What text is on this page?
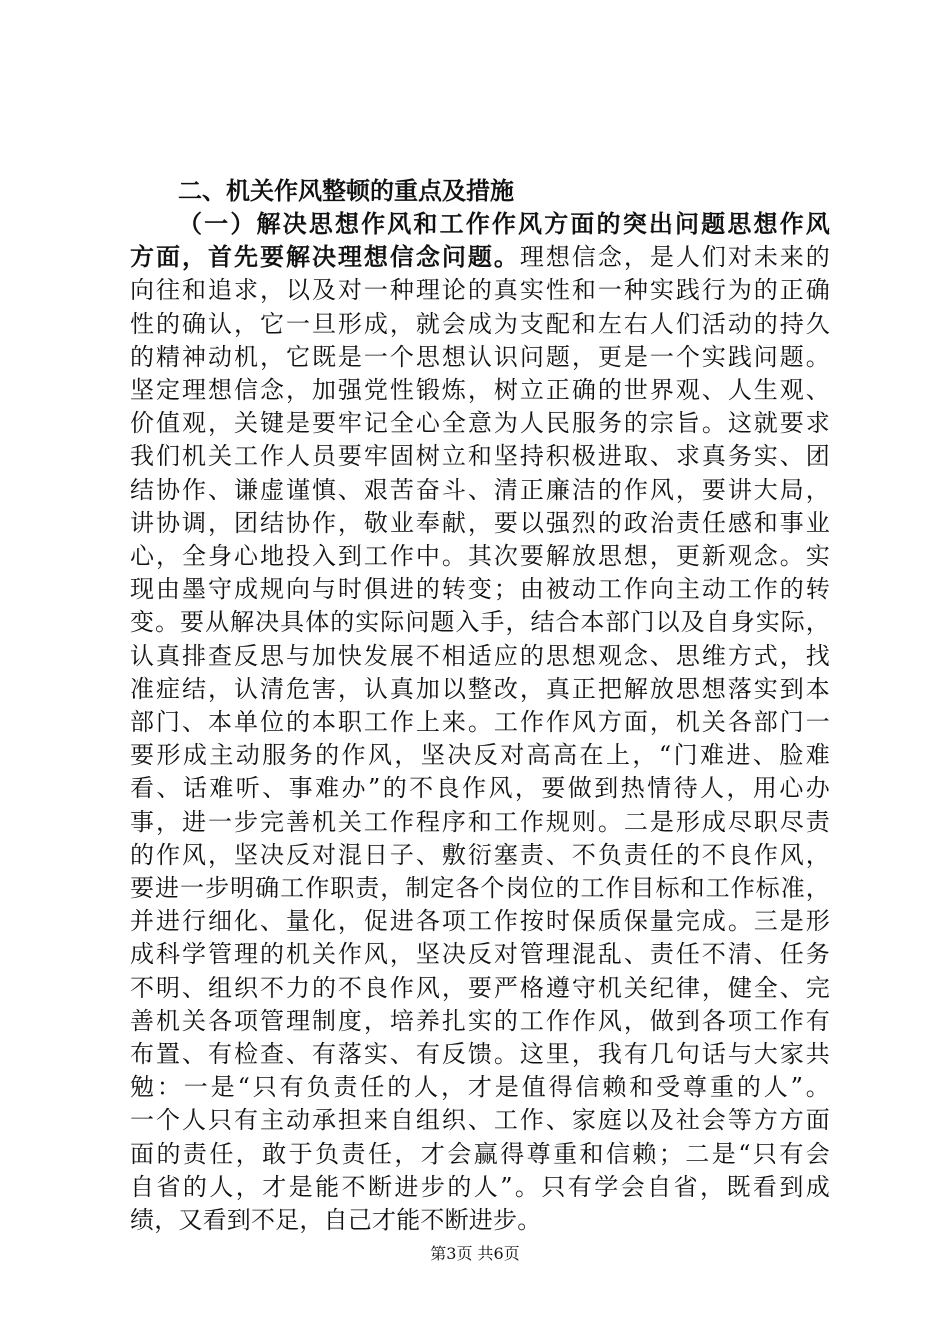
二、机关作风整顿的重点及措施

（一）解决思想作风和工作作风方面的突出问题思想作风
方面，首先要解决理想信念问题。理想信念，是人们对未来的
向往和追求，以及对一种理论的真实性和一种实践行为的正确
性的确认，它一旦形成，就会成为支配和左右人们活动的持久
的精神动机，它既是一个思想认识问题，更是一个实践问题。
坚定理想信念，加强党性锻炼，树立正确的世界观、人生观、
价值观，关键是要牢记全心全意为人民服务的宗旨。这就要求
我们机关工作人员要牢固树立和坚持积极进取、求真务实、团
结协作、谦虚谨慎、艰苦奋斗、清正廉洁的作风，要讲大局，
讲协调，团结协作，敬业奉献，要以强烈的政治责任感和事业
心，全身心地投入到工作中。其次要解放思想，更新观念。实
现由墨守成规向与时俱进的转变；由被动工作向主动工作的转
变。要从解决具体的实际问题入手，结合本部门以及自身实际，
认真排查反思与加快发展不相适应的思想观念、思维方式，找
准症结，认清危害，认真加以整改，真正把解放思想落实到本
部门、本单位的本职工作上来。工作作风方面，机关各部门一
要形成主动服务的作风，坚决反对高高在上，“门难进、脸难
看、话难听、事难办”的不良作风，要做到热情待人，用心办
事，进一步完善机关工作程序和工作规则。二是形成尽职尽责
的作风，坚决反对混日子、敷衍塞责、不负责任的不良作风，
要进一步明确工作职责，制定各个岗位的工作目标和工作标准，
并进行细化、量化，促进各项工作按时保质保量完成。三是形
成科学管理的机关作风，坚决反对管理混乱、责任不清、任务
不明、组织不力的不良作风，要严格遵守机关纪律，健全、完
善机关各项管理制度，培养扎实的工作作风，做到各项工作有
布置、有检查、有落实、有反馈。这里，我有几句话与大家共
勉：一是“只有负责任的人，才是值得信赖和受尊重的人”。
一个人只有主动承担来自组织、工作、家庭以及社会等方方面
面的责任，敢于负责任，才会赢得尊重和信赖；二是“只有会
自省的人，才是能不断进步的人”。只有学会自省，既看到成
绩，又看到不足，自己才能不断进步。
第3页 共6页
